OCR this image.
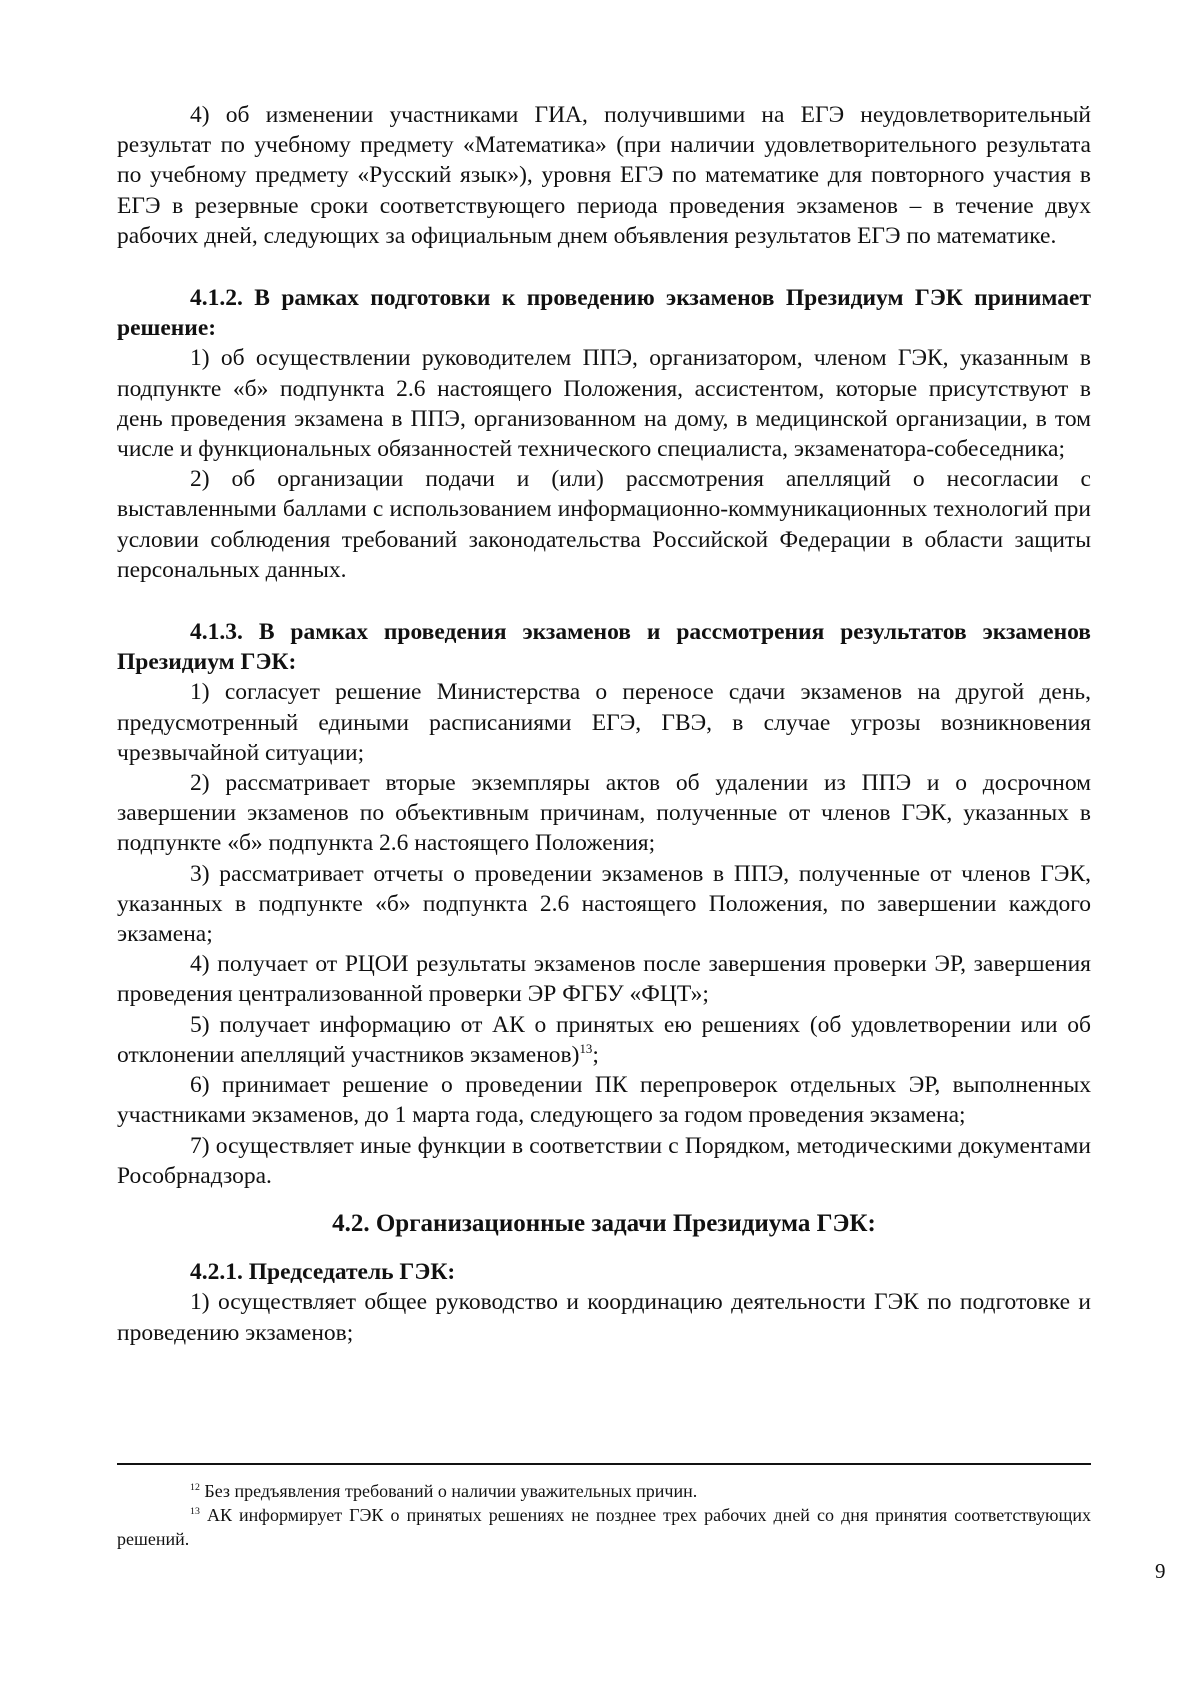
4) об изменении участниками ГИА, получившими на ЕГЭ неудовлетворительный результат по учебному предмету «Математика» (при наличии удовлетворительного результата по учебному предмету «Русский язык»), уровня ЕГЭ по математике для повторного участия в ЕГЭ в резервные сроки соответствующего периода проведения экзаменов – в течение двух рабочих дней, следующих за официальным днем объявления результатов ЕГЭ по математике.

4.1.2. В рамках подготовки к проведению экзаменов Президиум ГЭК принимает решение:

1) об осуществлении руководителем ППЭ, организатором, членом ГЭК, указанным в подпункте «б» подпункта 2.6 настоящего Положения, ассистентом, которые присутствуют в день проведения экзамена в ППЭ, организованном на дому, в медицинской организации, в том числе и функциональных обязанностей технического специалиста, экзаменатора-собеседника;

2) об организации подачи и (или) рассмотрения апелляций о несогласии с выставленными баллами с использованием информационно-коммуникационных технологий при условии соблюдения требований законодательства Российской Федерации в области защиты персональных данных.

4.1.3. В рамках проведения экзаменов и рассмотрения результатов экзаменов Президиум ГЭК:

1) согласует решение Министерства о переносе сдачи экзаменов на другой день, предусмотренный едиными расписаниями ЕГЭ, ГВЭ, в случае угрозы возникновения чрезвычайной ситуации;

2) рассматривает вторые экземпляры актов об удалении из ППЭ и о досрочном завершении экзаменов по объективным причинам, полученные от членов ГЭК, указанных в подпункте «б» подпункта 2.6 настоящего Положения;

3) рассматривает отчеты о проведении экзаменов в ППЭ, полученные от членов ГЭК, указанных в подпункте «б» подпункта 2.6 настоящего Положения, по завершении каждого экзамена;

4) получает от РЦОИ результаты экзаменов после завершения проверки ЭР, завершения проведения централизованной проверки ЭР ФГБУ «ФЦТ»;

5) получает информацию от АК о принятых ею решениях (об удовлетворении или об отклонении апелляций участников экзаменов)$^{13}$;

6) принимает решение о проведении ПК перепроверок отдельных ЭР, выполненных участниками экзаменов, до 1 марта года, следующего за годом проведения экзамена;

7) осуществляет иные функции в соответствии с Порядком, методическими документами Рособрнадзора.

4.2. Организационные задачи Президиума ГЭК:

4.2.1. Председатель ГЭК:

1) осуществляет общее руководство и координацию деятельности ГЭК по подготовке и проведению экзаменов;

$^{12}$ Без предъявления требований о наличии уважительных причин.

$^{13}$ АК информирует ГЭК о принятых решениях не позднее трех рабочих дней со дня принятия соответствующих решений.

9
